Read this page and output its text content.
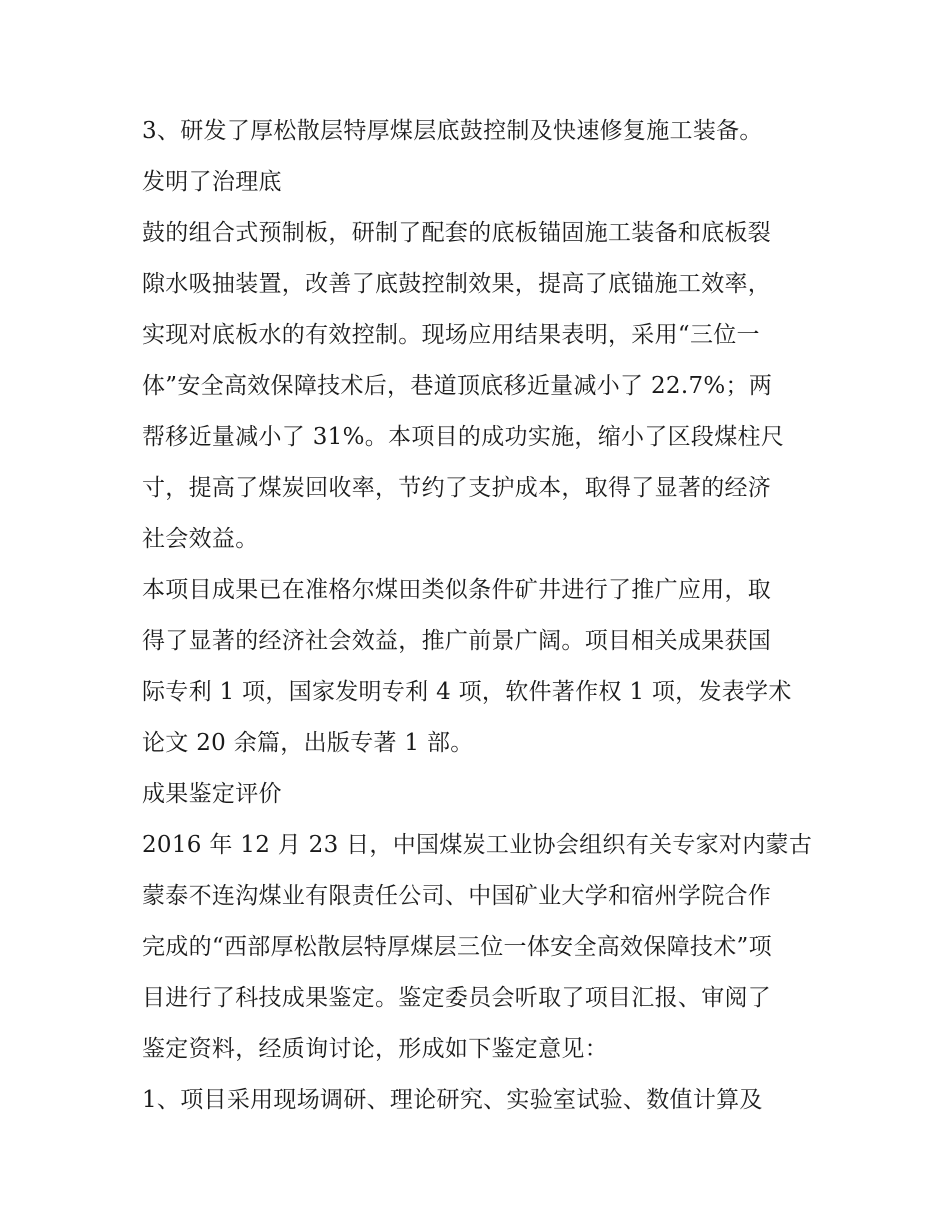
3、研发了厚松散层特厚煤层底鼓控制及快速修复施工装备。

发明了治理底

鼓的组合式预制板，研制了配套的底板锚固施工装备和底板裂

隙水吸抽装置，改善了底鼓控制效果，提高了底锚施工效率，

实现对底板水的有效控制。现场应用结果表明，采用“三位一

体”安全高效保障技术后，巷道顶底移近量减小了 22.7%；两

帮移近量减小了 31%。本项目的成功实施，缩小了区段煤柱尺

寸，提高了煤炭回收率，节约了支护成本，取得了显著的经济

社会效益。

本项目成果已在准格尔煤田类似条件矿井进行了推广应用，取

得了显著的经济社会效益，推广前景广阔。项目相关成果获国

际专利 1 项，国家发明专利 4 项，软件著作权 1 项，发表学术

论文 20 余篇，出版专著 1 部。

成果鉴定评价

2016 年 12 月 23 日，中国煤炭工业协会组织有关专家对内蒙古

蒙泰不连沟煤业有限责任公司、中国矿业大学和宿州学院合作

完成的“西部厚松散层特厚煤层三位一体安全高效保障技术”项

目进行了科技成果鉴定。鉴定委员会听取了项目汇报、审阅了

鉴定资料，经质询讨论，形成如下鉴定意见：

1、项目采用现场调研、理论研究、实验室试验、数值计算及
